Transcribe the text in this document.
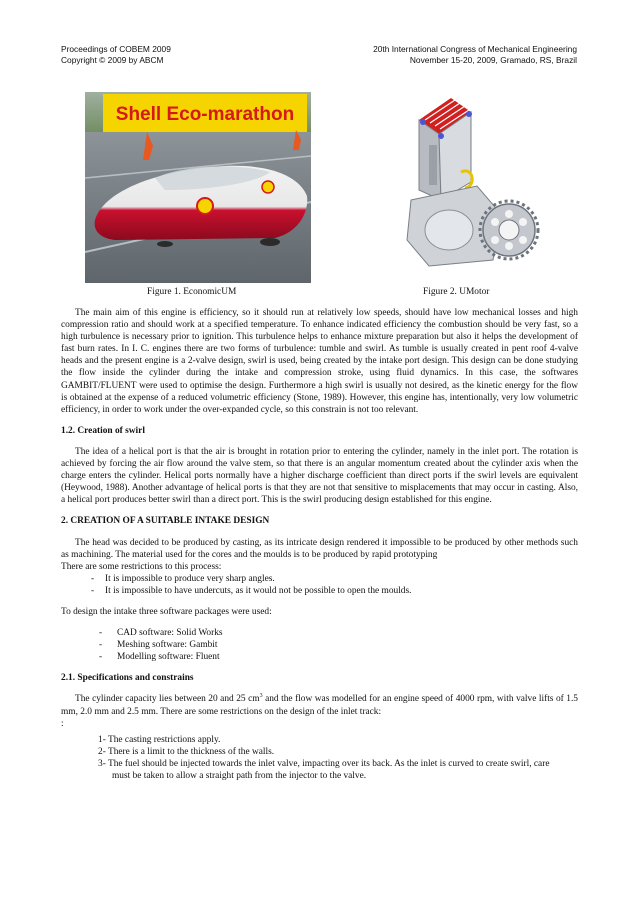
Proceedings of COBEM 2009
Copyright © 2009 by ABCM
20th International Congress of Mechanical Engineering
November 15-20, 2009, Gramado, RS, Brazil
Shell Eco-marathon
Figure 1. EconomicUM	Figure 2. UMotor

The main aim of this engine is efficiency, so it should run at relatively low speeds, should have low mechanical losses and high compression ratio and should work at a specified temperature. To enhance indicated efficiency the combustion should be very fast, so a high turbulence is necessary prior to ignition. This turbulence helps to enhance mixture preparation but also it helps the development of fast burn rates. In I. C. engines there are two forms of turbulence: tumble and swirl. As tumble is usually created in pent roof 4-valve heads and the present engine is a 2-valve design, swirl is used, being created by the intake port design. This design can be done studying the flow inside the cylinder during the intake and compression stroke, using fluid dynamics. In this case, the softwares GAMBIT/FLUENT were used to optimise the design. Furthermore a high swirl is usually not desired, as the kinetic energy for the flow is obtained at the expense of a reduced volumetric efficiency (Stone, 1989). However, this engine has, intentionally, very low volumetric efficiency, in order to work under the over-expanded cycle, so this constrain is not too relevant.

1.2. Creation of swirl

The idea of a helical port is that the air is brought in rotation prior to entering the cylinder, namely in the inlet port. The rotation is achieved by forcing the air flow around the valve stem, so that there is an angular momentum created about the cylinder axis when the charge enters the cylinder. Helical ports normally have a higher discharge coefficient than direct ports if the swirl levels are equivalent (Heywood, 1988). Another advantage of helical ports is that they are not that sensitive to misplacements that may occur in casting. Also, a helical port produces better swirl than a direct port. This is the swirl producing design established for this engine.

2. CREATION OF A SUITABLE INTAKE DESIGN

The head was decided to be produced by casting, as its intricate design rendered it impossible to be produced by other methods such as machining. The material used for the cores and the moulds is to be produced by rapid prototyping

There are some restrictions to this process:

- It is impossible to produce very sharp angles.
- It is impossible to have undercuts, as it would not be possible to open the moulds.

To design the intake three software packages were used:

- CAD software: Solid Works
- Meshing software: Gambit
- Modelling software: Fluent

2.1. Specifications and constrains

The cylinder capacity lies between 20 and 25 $cm^3$ and the flow was modelled for an engine speed of 4000 rpm, with valve lifts of 1.5 mm, 2.0 mm and 2.5 mm. There are some restrictions on the design of the inlet track:

:

1- The casting restrictions apply.
2- There is a limit to the thickness of the walls.
3- The fuel should be injected towards the inlet valve, impacting over its back. As the inlet is curved to create swirl, care must be taken to allow a straight path from the injector to the valve.
